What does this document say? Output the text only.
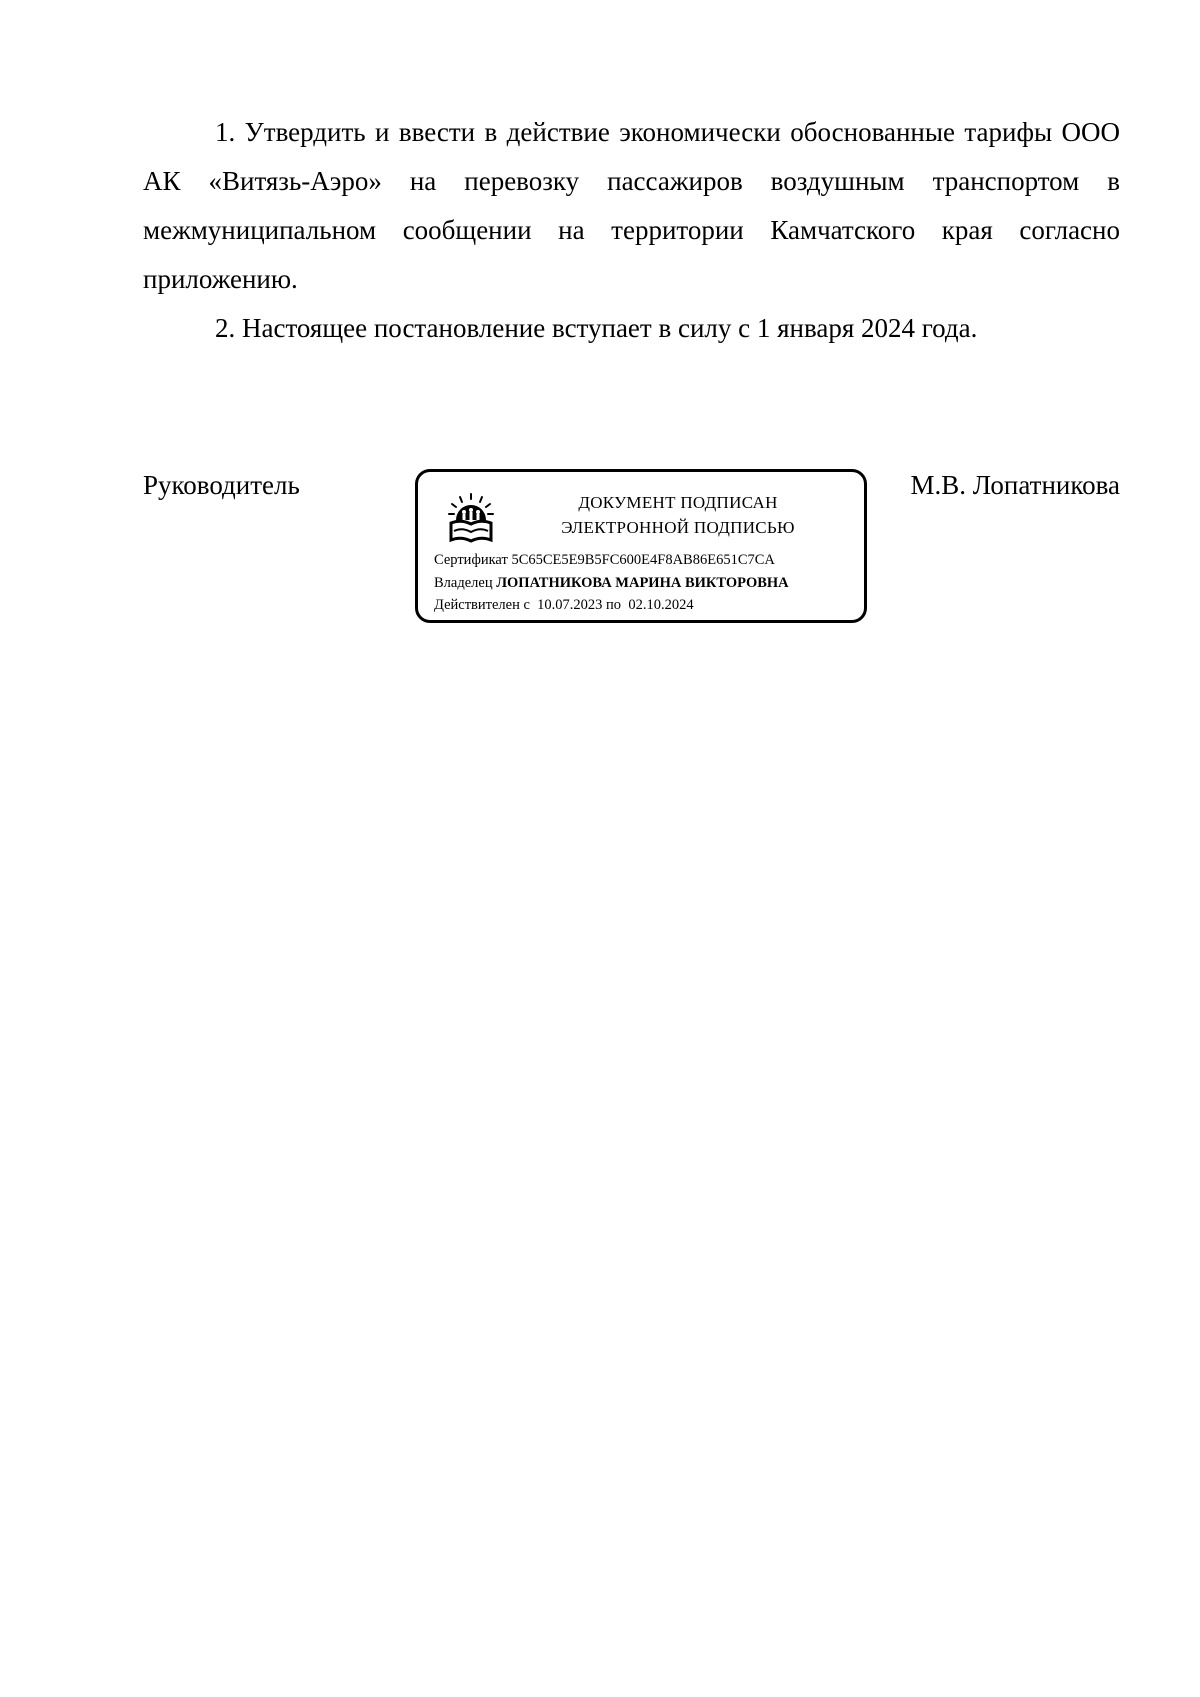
1. Утвердить и ввести в действие экономически обоснованные тарифы ООО АК «Витязь-Аэро» на перевозку пассажиров воздушным транспортом в межмуниципальном сообщении на территории Камчатского края согласно приложению.

2. Настоящее постановление вступает в силу с 1 января 2024 года.

Руководитель
ДОКУМЕНТ ПОДПИСАН
ЭЛЕКТРОННОЙ ПОДПИСЬЮ
Сертификат 5C65CE5E9B5FC600E4F8AB86E651C7CA
Владелец ЛОПАТНИКОВА МАРИНА ВИКТОРОВНА
Действителен с 10.07.2023 по 02.10.2024
М.В. Лопатникова
